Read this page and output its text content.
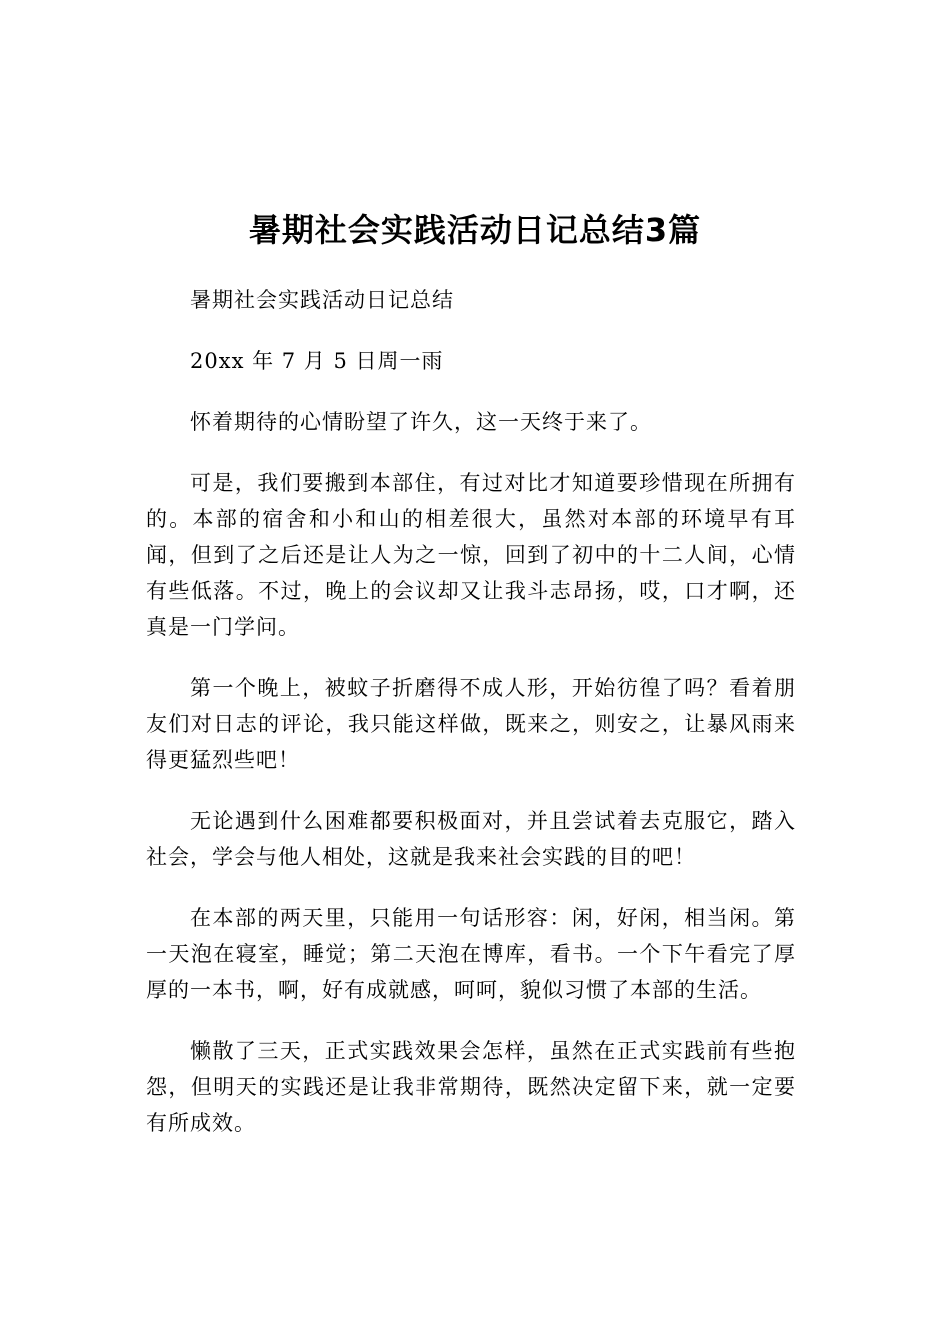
暑期社会实践活动日记总结3篇

暑期社会实践活动日记总结

20xx 年 7 月 5 日周一雨

怀着期待的心情盼望了许久，这一天终于来了。

可是，我们要搬到本部住，有过对比才知道要珍惜现在所拥有的。本部的宿舍和小和山的相差很大，虽然对本部的环境早有耳闻，但到了之后还是让人为之一惊，回到了初中的十二人间，心情有些低落。不过，晚上的会议却又让我斗志昂扬，哎，口才啊，还真是一门学问。

第一个晚上，被蚊子折磨得不成人形，开始彷徨了吗？看着朋友们对日志的评论，我只能这样做，既来之，则安之，让暴风雨来得更猛烈些吧！

无论遇到什么困难都要积极面对，并且尝试着去克服它，踏入社会，学会与他人相处，这就是我来社会实践的目的吧！

在本部的两天里，只能用一句话形容：闲，好闲，相当闲。第一天泡在寝室，睡觉；第二天泡在博库，看书。一个下午看完了厚厚的一本书，啊，好有成就感，呵呵，貌似习惯了本部的生活。

懒散了三天，正式实践效果会怎样，虽然在正式实践前有些抱怨，但明天的实践还是让我非常期待，既然决定留下来，就一定要有所成效。
